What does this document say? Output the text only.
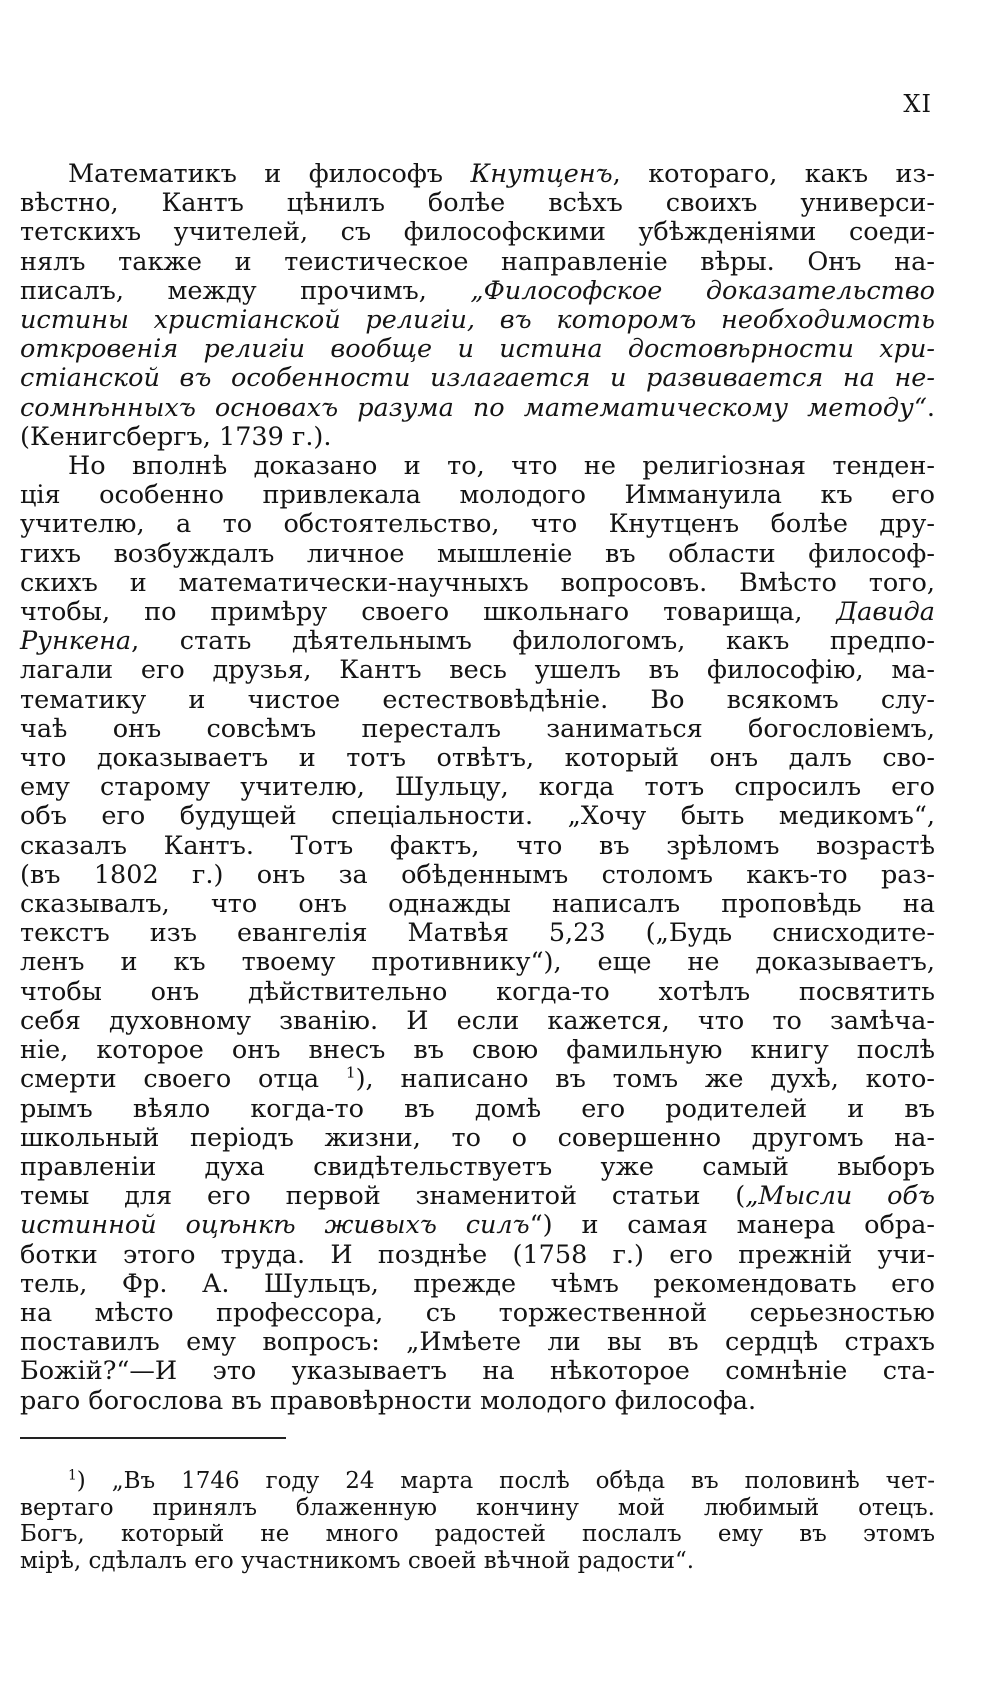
XI
Математикъ и философъ Кнутценъ, котораго, какъ из-
вѣстно, Кантъ цѣнилъ болѣе всѣхъ своихъ универси-
тетскихъ учителей, съ философскими убѣжденіями соеди-
нялъ также и теистическое направленіе вѣры. Онъ на-
писалъ, между прочимъ, „Философское доказательство
истины христіанской религіи, въ которомъ необходимость
откровенія религіи вообще и истина достовѣрности хри-
стіанской въ особенности излагается и развивается на не-
сомнѣнныхъ основахъ разума по математическому методу“.
(Кенигсбергъ, 1739 г.).
Но вполнѣ доказано и то, что не религіозная тенден-
ція особенно привлекала молодого Иммануила къ его
учителю, а то обстоятельство, что Кнутценъ болѣе дру-
гихъ возбуждалъ личное мышленіе въ области философ-
скихъ и математически-научныхъ вопросовъ. Вмѣсто того,
чтобы, по примѣру своего школьнаго товарища, Давида
Рункена, стать дѣятельнымъ филологомъ, какъ предпо-
лагали его друзья, Кантъ весь ушелъ въ философію, ма-
тематику и чистое естествовѣдѣніе. Во всякомъ слу-
чаѣ онъ совсѣмъ пересталъ заниматься богословіемъ,
что доказываетъ и тотъ отвѣтъ, который онъ далъ сво-
ему старому учителю, Шульцу, когда тотъ спросилъ его
объ его будущей спеціальности. „Хочу быть медикомъ“,
сказалъ Кантъ. Тотъ фактъ, что въ зрѣломъ возрастѣ
(въ 1802 г.) онъ за обѣденнымъ столомъ какъ-то раз-
сказывалъ, что онъ однажды написалъ проповѣдь на
текстъ изъ евангелія Матвѣя 5,23 („Будь снисходите-
ленъ и къ твоему противнику“), еще не доказываетъ,
чтобы онъ дѣйствительно когда-то хотѣлъ посвятить
себя духовному званію. И если кажется, что то замѣча-
ніе, которое онъ внесъ въ свою фамильную книгу послѣ
смерти своего отца $^1$), написано въ томъ же духѣ, кото-
рымъ вѣяло когда-то въ домѣ его родителей и въ
школьный періодъ жизни, то о совершенно другомъ на-
правленіи духа свидѣтельствуетъ уже самый выборъ
темы для его первой знаменитой статьи („Мысли объ
истинной оцѣнкѣ живыхъ силъ“) и самая манера обра-
ботки этого труда. И позднѣе (1758 г.) его прежній учи-
тель, Фр. А. Шульцъ, прежде чѣмъ рекомендовать его
на мѣсто профессора, съ торжественной серьезностью
поставилъ ему вопросъ: „Имѣете ли вы въ сердцѣ страхъ
Божій?“—И это указываетъ на нѣкоторое сомнѣніе ста-
раго богослова въ правовѣрности молодого философа.
$^1$) „Въ 1746 году 24 марта послѣ обѣда въ половинѣ чет-
вертаго принялъ блаженную кончину мой любимый отецъ.
Богъ, который не много радостей послалъ ему въ этомъ
мірѣ, сдѣлалъ его участникомъ своей вѣчной радости“.
